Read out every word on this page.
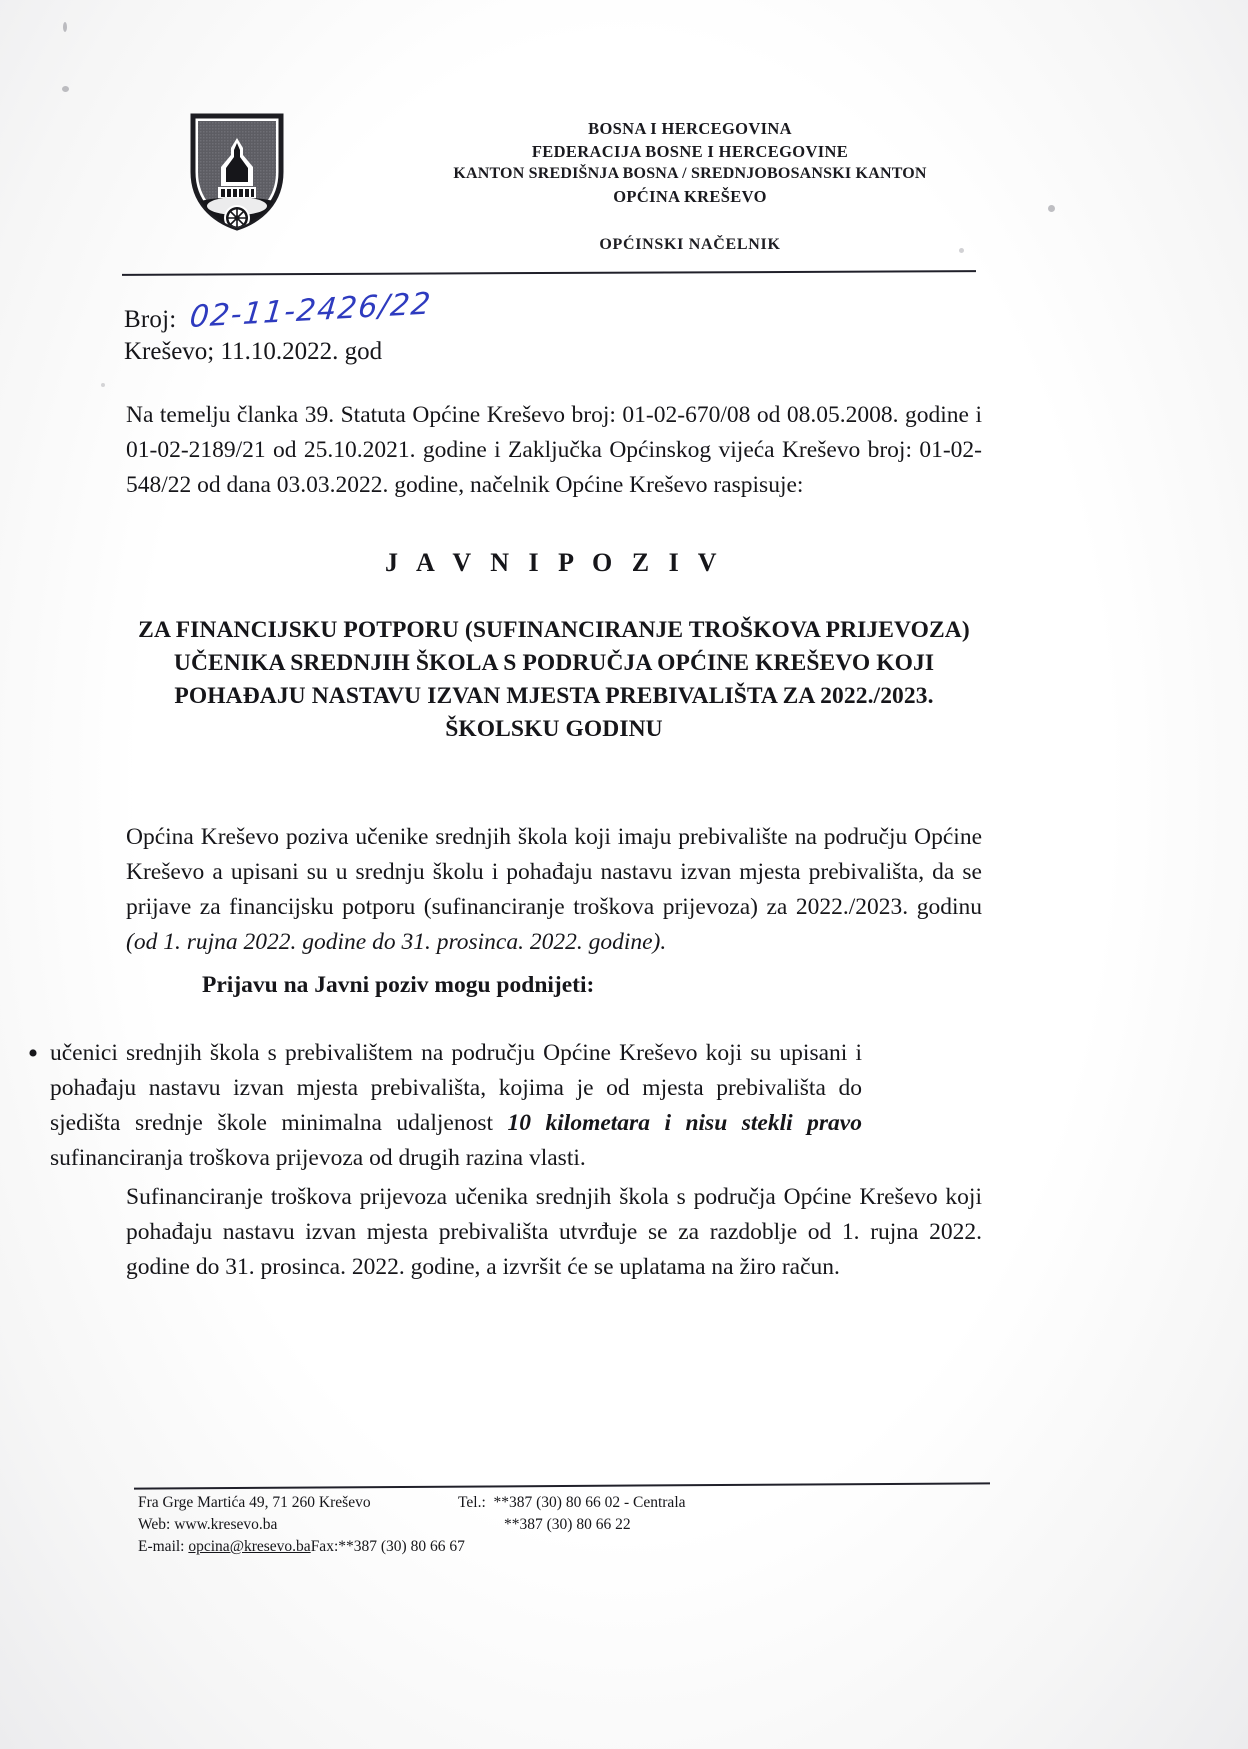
BOSNA I HERCEGOVINA
FEDERACIJA BOSNE I HERCEGOVINE
KANTON SREDIŠNJA BOSNA / SREDNJOBOSANSKI KANTON
OPĆINA KREŠEVO
OPĆINSKI NAČELNIK
Broj: 02-11-2426/22
Kreševo; 11.10.2022. god

Na temelju članka 39. Statuta Općine Kreševo broj: 01-02-670/08 od 08.05.2008. godine i 01-02-2189/21 od 25.10.2021. godine i Zaključka Općinskog vijeća Kreševo broj: 01-02-548/22 od dana 03.03.2022. godine, načelnik Općine Kreševo raspisuje:

J A V N I P O Z I V
ZA FINANCIJSKU POTPORU (SUFINANCIRANJE TROŠKOVA PRIJEVOZA) UČENIKA SREDNJIH ŠKOLA S PODRUČJA OPĆINE KREŠEVO KOJI POHAĐAJU NASTAVU IZVAN MJESTA PREBIVALIŠTA ZA 2022./2023. ŠKOLSKU GODINU

Općina Kreševo poziva učenike srednjih škola koji imaju prebivalište na području Općine Kreševo a upisani su u srednju školu i pohađaju nastavu izvan mjesta prebivališta, da se prijave za financijsku potporu (sufinanciranje troškova prijevoza) za 2022./2023. godinu (od 1. rujna 2022. godine do 31. prosinca. 2022. godine).

Prijavu na Javni poziv mogu podnijeti:
• učenici srednjih škola s prebivalištem na području Općine Kreševo koji su upisani i pohađaju nastavu izvan mjesta prebivališta, kojima je od mjesta prebivališta do sjedišta srednje škole minimalna udaljenost 10 kilometara i nisu stekli pravo sufinanciranja troškova prijevoza od drugih razina vlasti.

Sufinanciranje troškova prijevoza učenika srednjih škola s područja Općine Kreševo koji pohađaju nastavu izvan mjesta prebivališta utvrđuje se za razdoblje od 1. rujna 2022. godine do 31. prosinca. 2022. godine, a izvršit će se uplatama na žiro račun.

Fra Grge Martića 49, 71 260 Kreševo
Web: www.kresevo.ba
E-mail: opcina@kresevo.baFax:**387 (30) 80 66 67
Tel.: **387 (30) 80 66 02 - Centrala
**387 (30) 80 66 22
